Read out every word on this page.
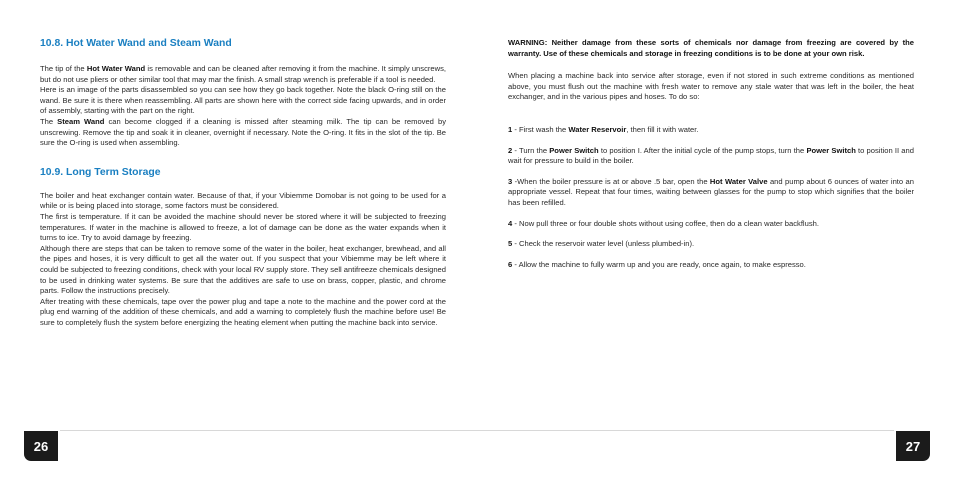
10.8. Hot Water Wand and Steam Wand

The tip of the Hot Water Wand is removable and can be cleaned after removing it from the machine. It simply unscrews, but do not use pliers or other similar tool that may mar the finish. A small strap wrench is preferable if a tool is needed.

Here is an image of the parts disassembled so you can see how they go back together. Note the black O-ring still on the wand. Be sure it is there when reassembling. All parts are shown here with the correct side facing upwards, and in order of assembly, starting with the part on the right.

The Steam Wand can become clogged if a cleaning is missed after steaming milk. The tip can be removed by unscrewing. Remove the tip and soak it in cleaner, overnight if necessary. Note the O-ring. It fits in the slot of the tip. Be sure the O-ring is used when assembling.

10.9. Long Term Storage

The boiler and heat exchanger contain water. Because of that, if your Vibiemme Domobar is not going to be used for a while or is being placed into storage, some factors must be considered.

The first is temperature. If it can be avoided the machine should never be stored where it will be subjected to freezing temperatures. If water in the machine is allowed to freeze, a lot of damage can be done as the water expands when it turns to ice. Try to avoid damage by freezing.

Although there are steps that can be taken to remove some of the water in the boiler, heat exchanger, brewhead, and all the pipes and hoses, it is very difficult to get all the water out. If you suspect that your Vibiemme may be left where it could be subjected to freezing conditions, check with your local RV supply store. They sell antifreeze chemicals designed to be used in drinking water systems. Be sure that the additives are safe to use on brass, copper, plastic, and chrome parts. Follow the instructions precisely.

After treating with these chemicals, tape over the power plug and tape a note to the machine and the power cord at the plug end warning of the addition of these chemicals, and add a warning to completely flush the machine before use! Be sure to completely flush the system before energizing the heating element when putting the machine back into service.

26

WARNING: Neither damage from these sorts of chemicals nor damage from freezing are covered by the warranty. Use of these chemicals and storage in freezing conditions is to be done at your own risk.

When placing a machine back into service after storage, even if not stored in such extreme conditions as mentioned above, you must flush out the machine with fresh water to remove any stale water that was left in the boiler, the heat exchanger, and in the various pipes and hoses. To do so:

1 - First wash the Water Reservoir, then fill it with water.

2 - Turn the Power Switch to position I. After the initial cycle of the pump stops, turn the Power Switch to position II and wait for pressure to build in the boiler.

3 -When the boiler pressure is at or above .5 bar, open the Hot Water Valve and pump about 6 ounces of water into an appropriate vessel. Repeat that four times, waiting between glasses for the pump to stop which signifies that the boiler has been refilled.

4 - Now pull three or four double shots without using coffee, then do a clean water backflush.

5 - Check the reservoir water level (unless plumbed-in).

6 - Allow the machine to fully warm up and you are ready, once again, to make espresso.

27
